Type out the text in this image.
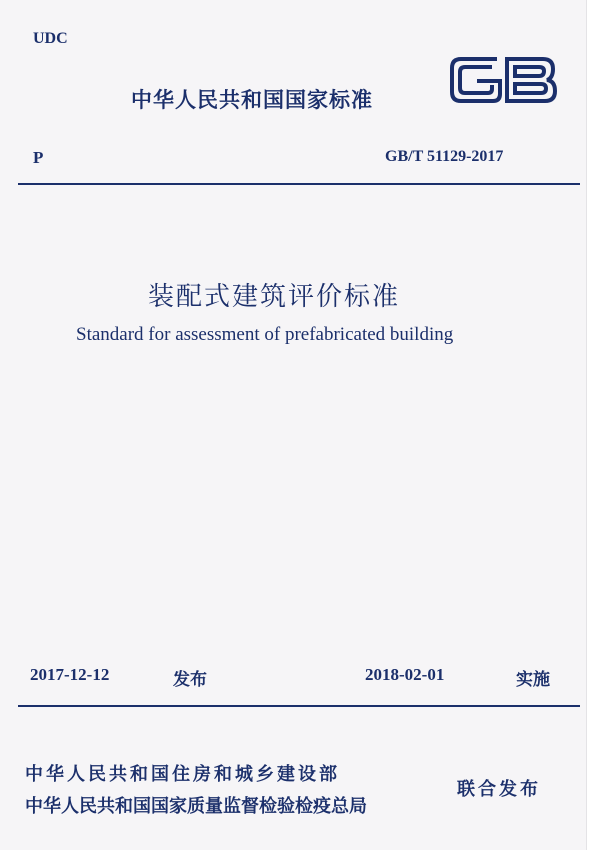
UDC

中华人民共和国国家标准

P	GB/T 51129-2017

装配式建筑评价标准

Standard for assessment of prefabricated building

2017-12-12	发布	2018-02-01	实施

中华人民共和国住房和城乡建设部

中华人民共和国国家质量监督检验检疫总局

联合发布
